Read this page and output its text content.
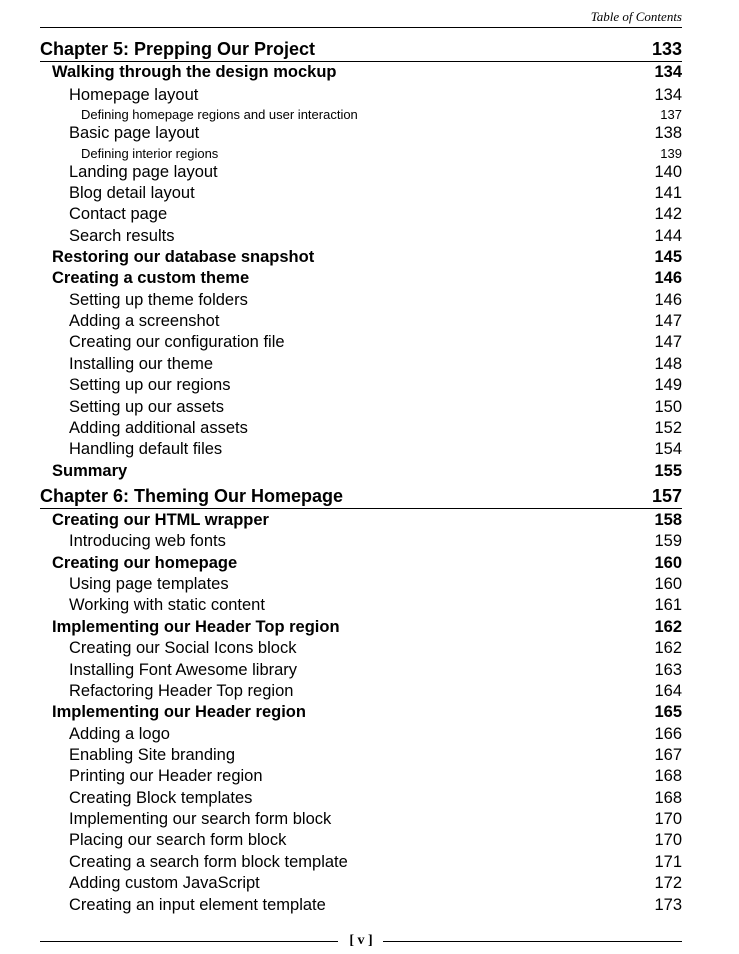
Table of Contents
Chapter 5: Prepping Our Project	133
Walking through the design mockup	134
Homepage layout	134
Defining homepage regions and user interaction	137
Basic page layout	138
Defining interior regions	139
Landing page layout	140
Blog detail layout	141
Contact page	142
Search results	144
Restoring our database snapshot	145
Creating a custom theme	146
Setting up theme folders	146
Adding a screenshot	147
Creating our configuration file	147
Installing our theme	148
Setting up our regions	149
Setting up our assets	150
Adding additional assets	152
Handling default files	154
Summary	155
Chapter 6: Theming Our Homepage	157
Creating our HTML wrapper	158
Introducing web fonts	159
Creating our homepage	160
Using page templates	160
Working with static content	161
Implementing our Header Top region	162
Creating our Social Icons block	162
Installing Font Awesome library	163
Refactoring Header Top region	164
Implementing our Header region	165
Adding a logo	166
Enabling Site branding	167
Printing our Header region	168
Creating Block templates	168
Implementing our search form block	170
Placing our search form block	170
Creating a search form block template	171
Adding custom JavaScript	172
Creating an input element template	173
[ v ]
